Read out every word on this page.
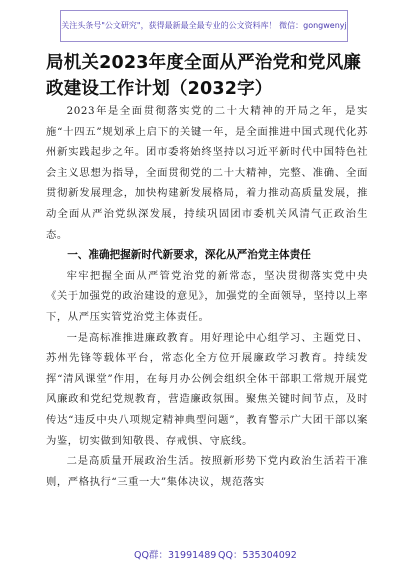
关注头条号"公文研究"，获得最新最全最专业的公文资料库！ 微信：gongwenyj
局机关2023年度全面从严治党和党风廉政建设工作计划（2032字）

2023年是全面贯彻落实党的二十大精神的开局之年，是实施“十四五”规划承上启下的关键一年，是全面推进中国式现代化苏州新实践起步之年。团市委将始终坚持以习近平新时代中国特色社会主义思想为指导，全面贯彻党的二十大精神，完整、准确、全面贯彻新发展理念，加快构建新发展格局，着力推动高质量发展，推动全面从严治党纵深发展，持续巩固团市委机关风清气正政治生态。

一、准确把握新时代新要求，深化从严治党主体责任

牢牢把握全面从严管党治党的新常态，坚决贯彻落实党中央《关于加强党的政治建设的意见》，加强党的全面领导，坚持以上率下，从严压实管党治党主体责任。

一是高标准推进廉政教育。用好理论中心组学习、主题党日、苏州先锋等载体平台，常态化全方位开展廉政学习教育。持续发挥“清风课堂”作用，在每月办公例会组织全体干部职工常规开展党风廉政和党纪党规教育，营造廉政氛围。聚焦关键时间节点，及时传达“违反中央八项规定精神典型问题”，教育警示广大团干部以案为鉴，切实做到知敬畏、存戒惧、守底线。

二是高质量开展政治生活。按照新形势下党内政治生活若干准则，严格执行“三重一大”集体决议，规范落实

QQ群：31991489 QQ：535304092
